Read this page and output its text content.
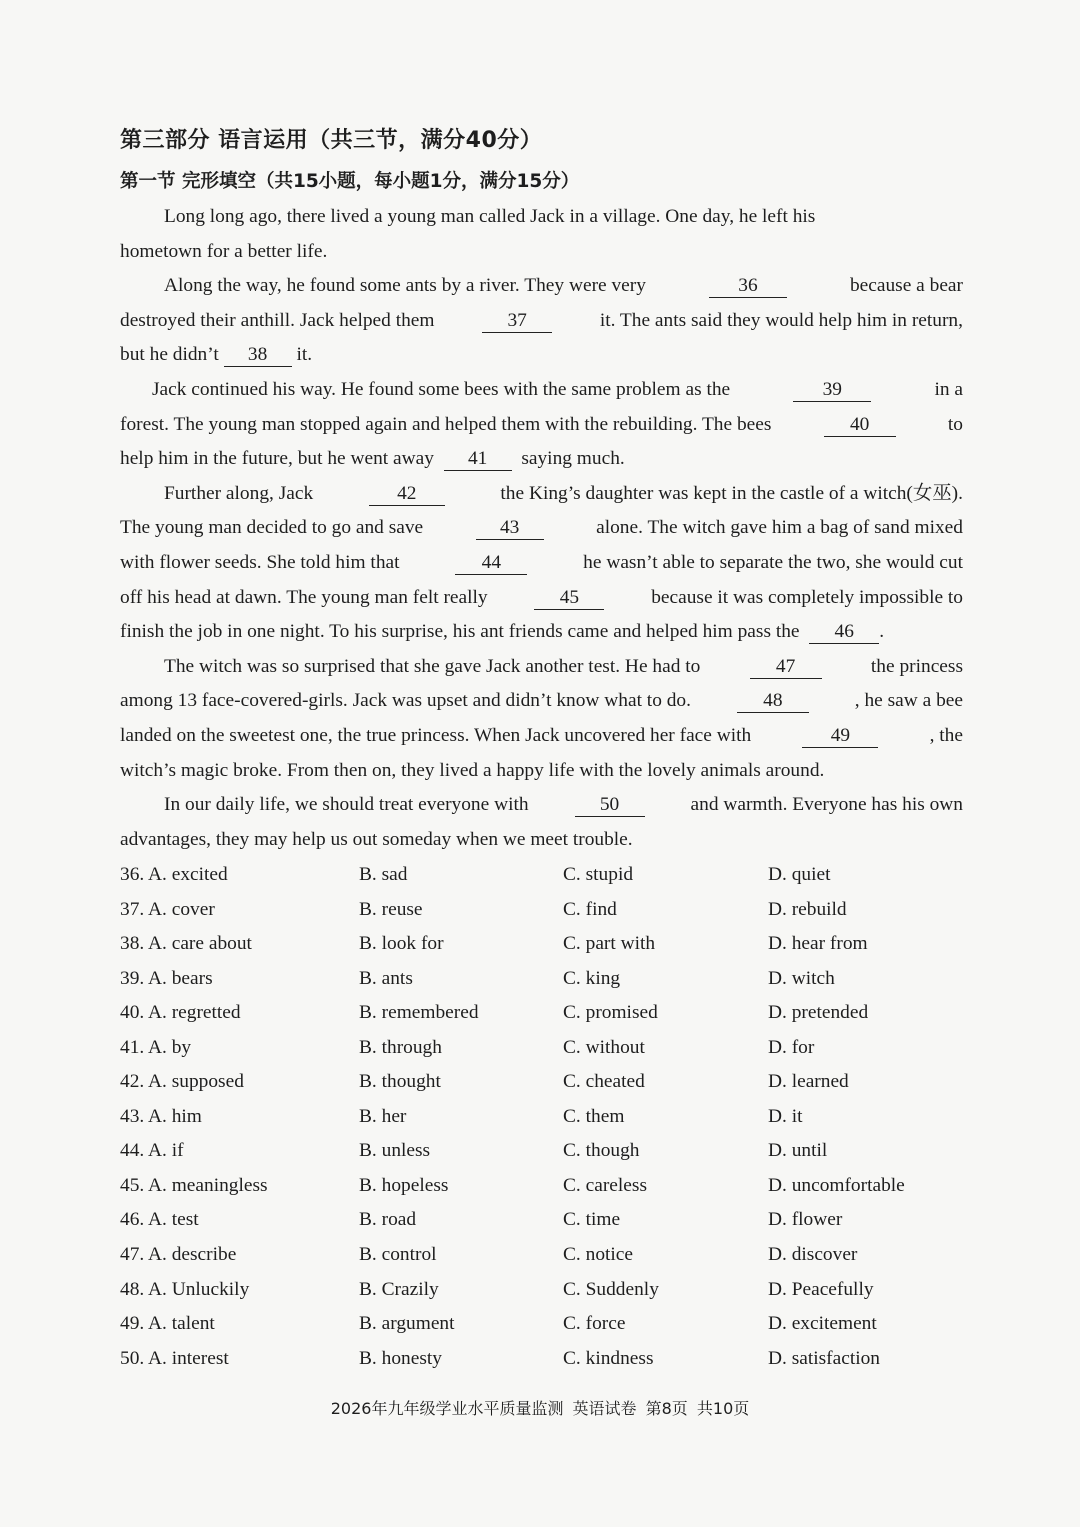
第三部分 语言运用（共三节，满分40分）
第一节 完形填空（共15小题，每小题1分，满分15分）
Long long ago, there lived a young man called Jack in a village. One day, he left his
hometown for a better life.
Along the way, he found some ants by a river. They were very	36	because a bear
destroyed their anthill. Jack helped them	37	it. The ants said they would help him in return,
but he didn’t	38	it.
Jack continued his way. He found some bees with the same problem as the	39	in a
forest. The young man stopped again and helped them with the rebuilding. The bees	40	to
help him in the future, but he went away	41	saying much.
Further along, Jack	42	the King’s daughter was kept in the castle of a witch(女巫).
The young man decided to go and save	43	alone. The witch gave him a bag of sand mixed
with flower seeds. She told him that	44	he wasn’t able to separate the two, she would cut
off his head at dawn. The young man felt really	45	because it was completely impossible to
finish the job in one night. To his surprise, his ant friends came and helped him pass the	46	.
The witch was so surprised that she gave Jack another test. He had to	47	the princess
among 13 face-covered-girls. Jack was upset and didn’t know what to do.	48	, he saw a bee
landed on the sweetest one, the true princess. When Jack uncovered her face with	49	, the
witch’s magic broke. From then on, they lived a happy life with the lovely animals around.
In our daily life, we should treat everyone with	50	and warmth. Everyone has his own
advantages, they may help us out someday when we meet trouble.
36. A. excited	B. sad	C. stupid	D. quiet
37. A. cover	B. reuse	C. find	D. rebuild
38. A. care about	B. look for	C. part with	D. hear from
39. A. bears	B. ants	C. king	D. witch
40. A. regretted	B. remembered	C. promised	D. pretended
41. A. by	B. through	C. without	D. for
42. A. supposed	B. thought	C. cheated	D. learned
43. A. him	B. her	C. them	D. it
44. A. if	B. unless	C. though	D. until
45. A. meaningless	B. hopeless	C. careless	D. uncomfortable
46. A. test	B. road	C. time	D. flower
47. A. describe	B. control	C. notice	D. discover
48. A. Unluckily	B. Crazily	C. Suddenly	D. Peacefully
49. A. talent	B. argument	C. force	D. excitement
50. A. interest	B. honesty	C. kindness	D. satisfaction
2026年九年级学业水平质量监测 英语试卷 第8页 共10页
